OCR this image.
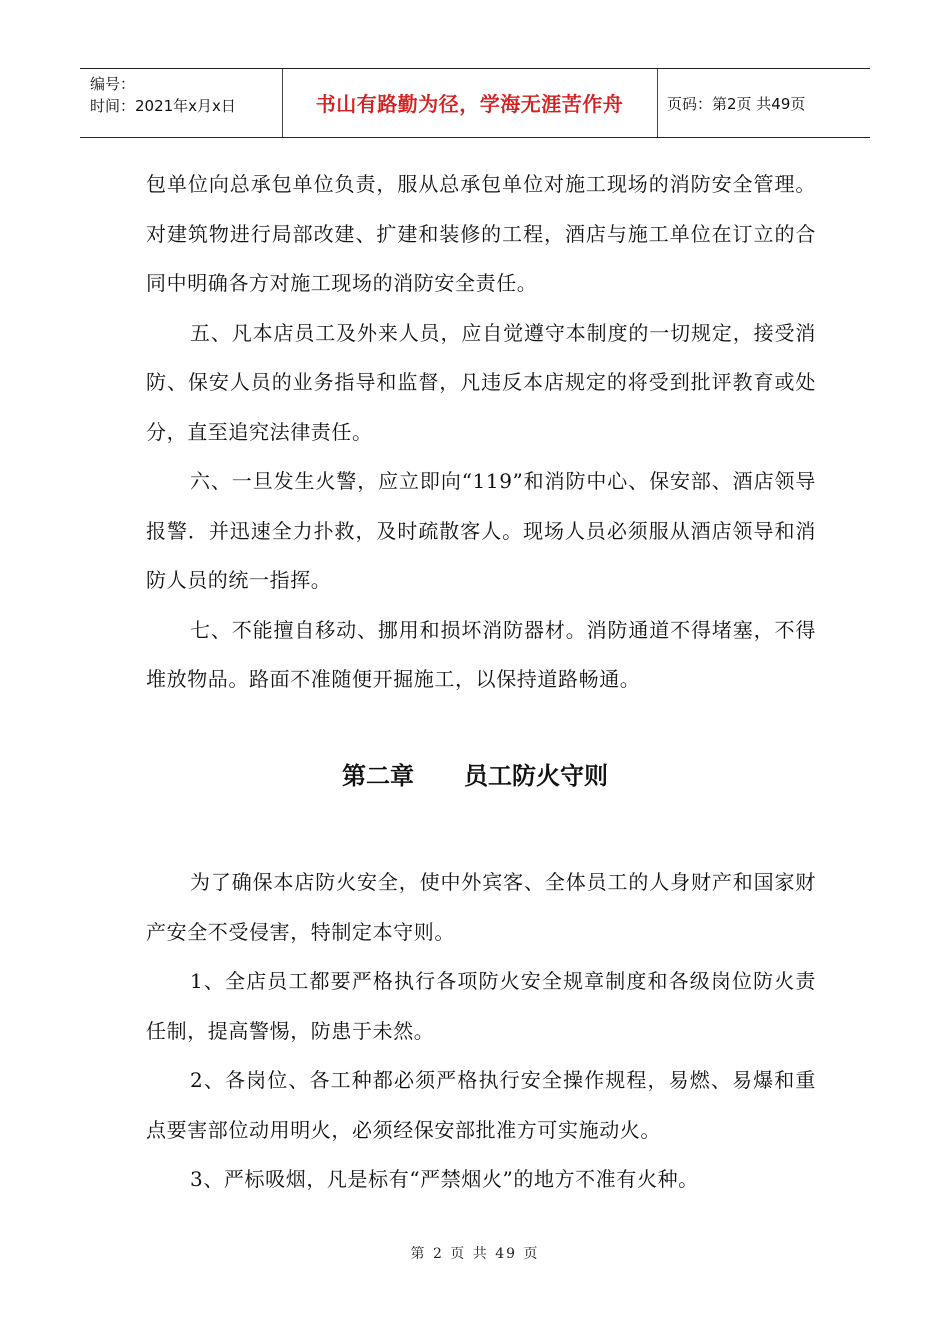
编号：
时间：2021年x月x日	书山有路勤为径，学海无涯苦作舟	页码：第2页 共49页

包单位向总承包单位负责，服从总承包单位对施工现场的消防安全管理。对建筑物进行局部改建、扩建和装修的工程，酒店与施工单位在订立的合同中明确各方对施工现场的消防安全责任。

五、凡本店员工及外来人员，应自觉遵守本制度的一切规定，接受消防、保安人员的业务指导和监督，凡违反本店规定的将受到批评教育或处分，直至追究法律责任。

六、一旦发生火警，应立即向“119”和消防中心、保安部、酒店领导报警．并迅速全力扑救，及时疏散客人。现场人员必须服从酒店领导和消防人员的统一指挥。

七、不能擅自移动、挪用和损坏消防器材。消防通道不得堵塞，不得堆放物品。路面不准随便开掘施工，以保持道路畅通。

第二章 员工防火守则

为了确保本店防火安全，使中外宾客、全体员工的人身财产和国家财产安全不受侵害，特制定本守则。

1、全店员工都要严格执行各项防火安全规章制度和各级岗位防火责任制，提高警惕，防患于未然。

2、各岗位、各工种都必须严格执行安全操作规程，易燃、易爆和重点要害部位动用明火，必须经保安部批准方可实施动火。

3、严标吸烟，凡是标有“严禁烟火”的地方不准有火种。

第 2 页 共 49 页
